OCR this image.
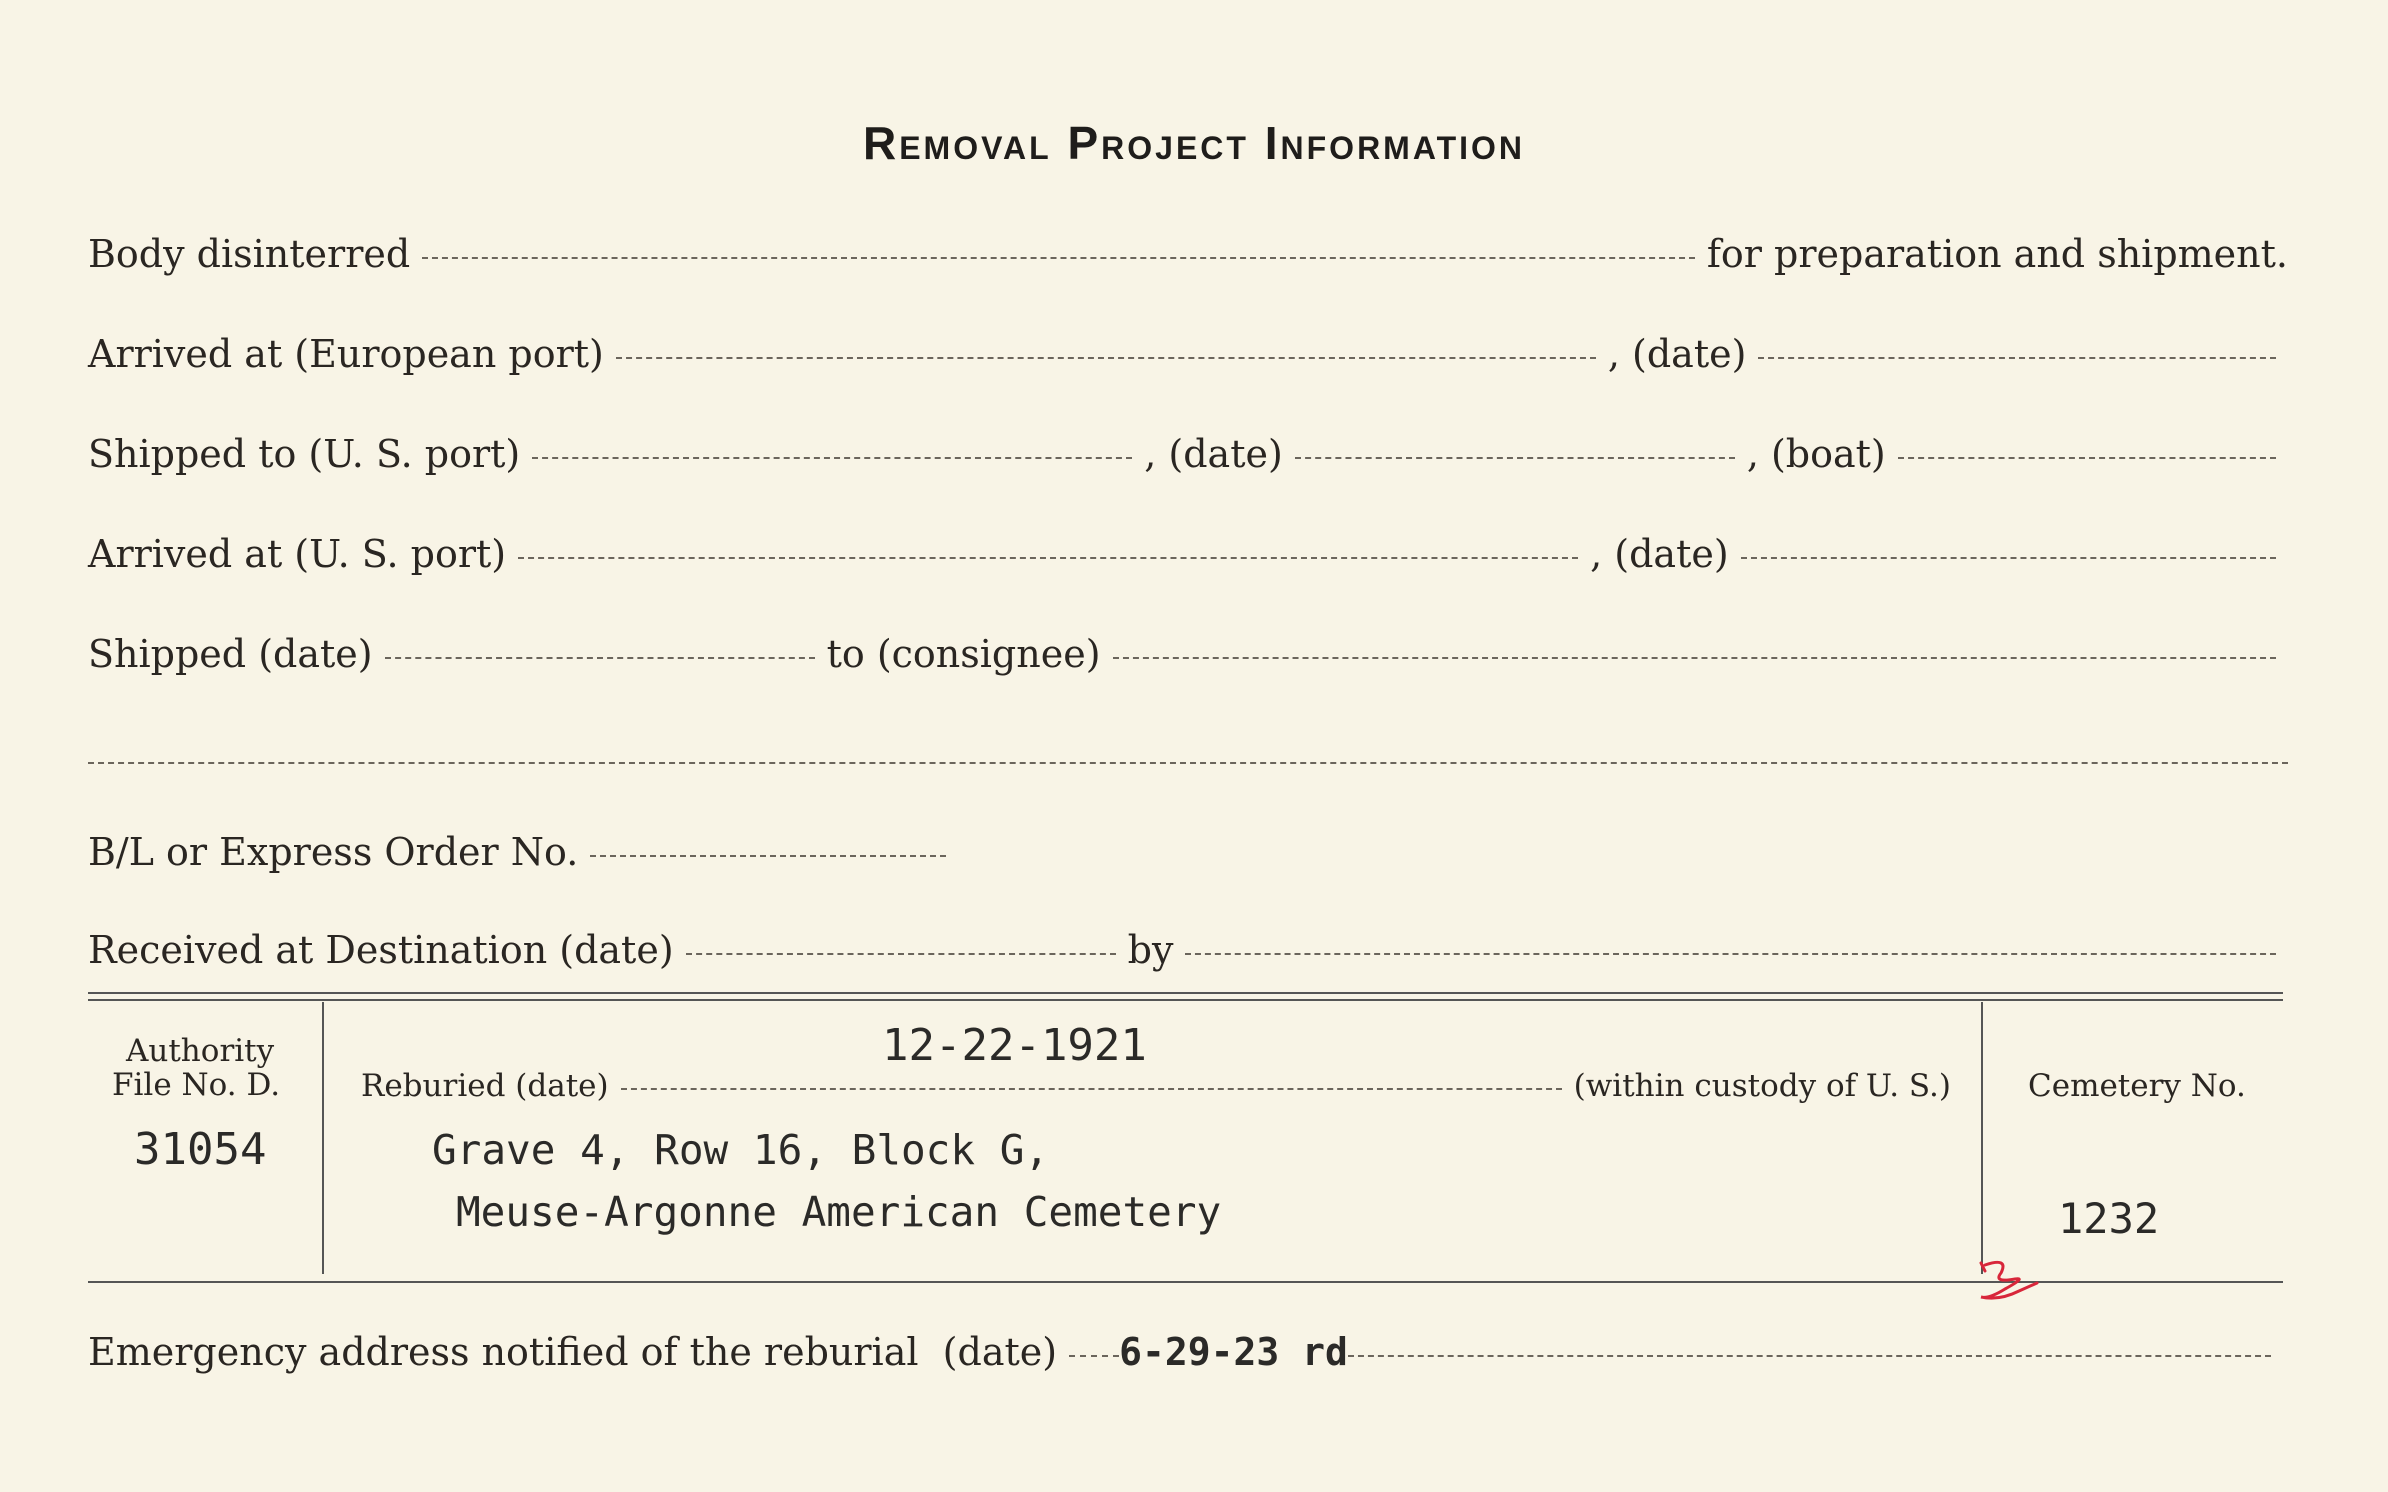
Removal Project Information
Body disinterred	for preparation and shipment.
Arrived at (European port)	, (date)
Shipped to (U. S. port)	, (date)	, (boat)
Arrived at (U. S. port)	, (date)
Shipped (date)	to (consignee)
B/L or Express Order No.
Received at Destination (date)	by
Authority
File No. D.
31054
12-22-1921
Reburied (date)	(within custody of U. S.)
Grave 4, Row 16, Block G,
Meuse-Argonne American Cemetery
Cemetery No.
1232
Emergency address notified of the reburial  (date) 6-29-23 rd
